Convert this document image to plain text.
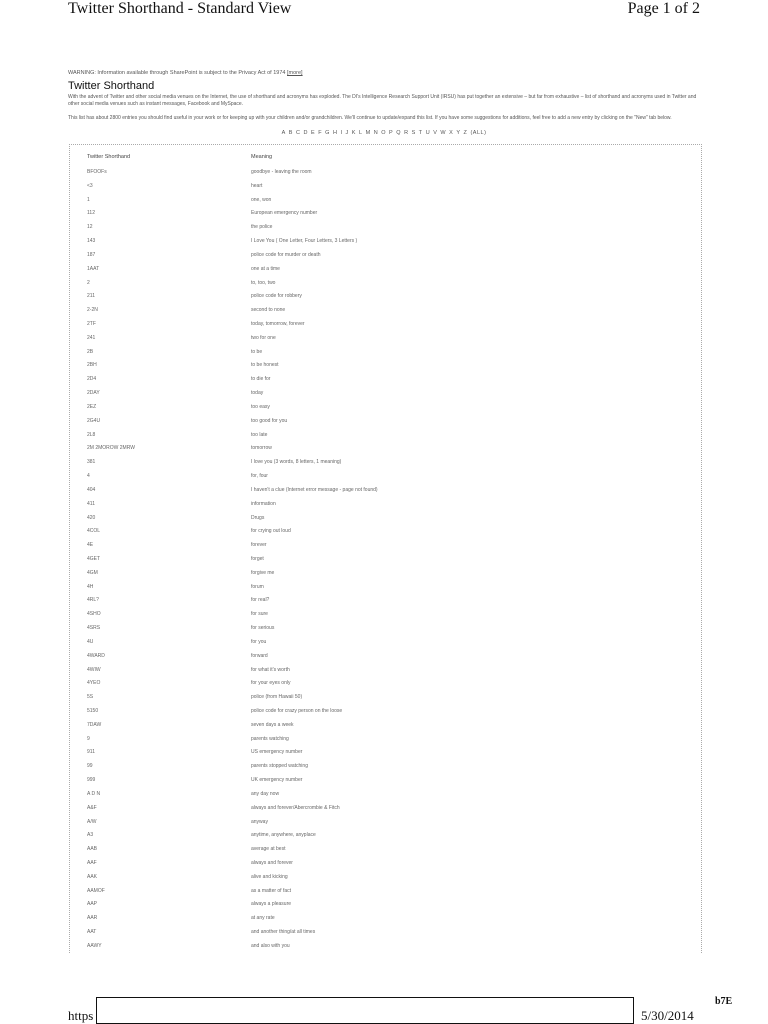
Twitter Shorthand - Standard View	Page 1 of 2
WARNING: Information available through SharePoint is subject to the Privacy Act of 1974 [more]
Twitter Shorthand
With the advent of Twitter and other social media venues on the Internet, the use of shorthand and acronyms has exploded. The DI's Intelligence Research Support Unit (IRSU) has put together an extensive – but far from exhaustive – list of shorthand and acronyms used in Twitter and other social media venues such as instant messages, Facebook and MySpace.
This list has about 2800 entries you should find useful in your work or for keeping up with your children and/or grandchildren. We'll continue to update/expand this list. If you have some suggestions for additions, feel free to add a new entry by clicking on the "New" tab below.
A B C D E F G H I J K L M N O P Q R S T U V W X Y Z (ALL)
Twitter Shorthand	Meaning
BFOOFs	goodbye - leaving the room
<3	heart
1	one, won
112	European emergency number
12	the police
143	I Love You ( One Letter, Four Letters, 3 Letters )
187	police code for murder or death
1AAT	one at a time
2	to, too, two
211	police code for robbery
2-2N	second to none
2TF	today, tomorrow, forever
241	two for one
2B	to be
2BH	to be honest
2D4	to die for
2DAY	today
2EZ	too easy
2G4U	too good for you
2L8	too late
2M 2MOROW 2MRW	tomorrow
381	I love you (3 words, 8 letters, 1 meaning)
4	for, four
404	I haven't a clue (Internet error message - page not found)
411	information
420	Drugs
4COL	for crying out loud
4E	forever
4GET	forget
4GM	forgive me
4H	forum
4RL?	for real?
4SHO	for sure
4SRS	for serious
4U	for you
4WARD	forward
4WIW	for what it's worth
4YEO	for your eyes only
5S	police (from Hawaii 50)
5150	police code for crazy person on the loose
7DAW	seven days a week
9	parents watching
911	US emergency number
99	parents stopped watching
999	UK emergency number
A D N	any day now
A&F	always and forever/Abercrombie & Fitch
A/W	anyway
A3	anytime, anywhere, anyplace
AAB	average at best
AAF	always and forever
AAK	alive and kicking
AAMOF	as a matter of fact
AAP	always a pleasure
AAR	at any rate
AAT	and another thing/at all times
AAWY	and also with you
https	5/30/2014
b7E
